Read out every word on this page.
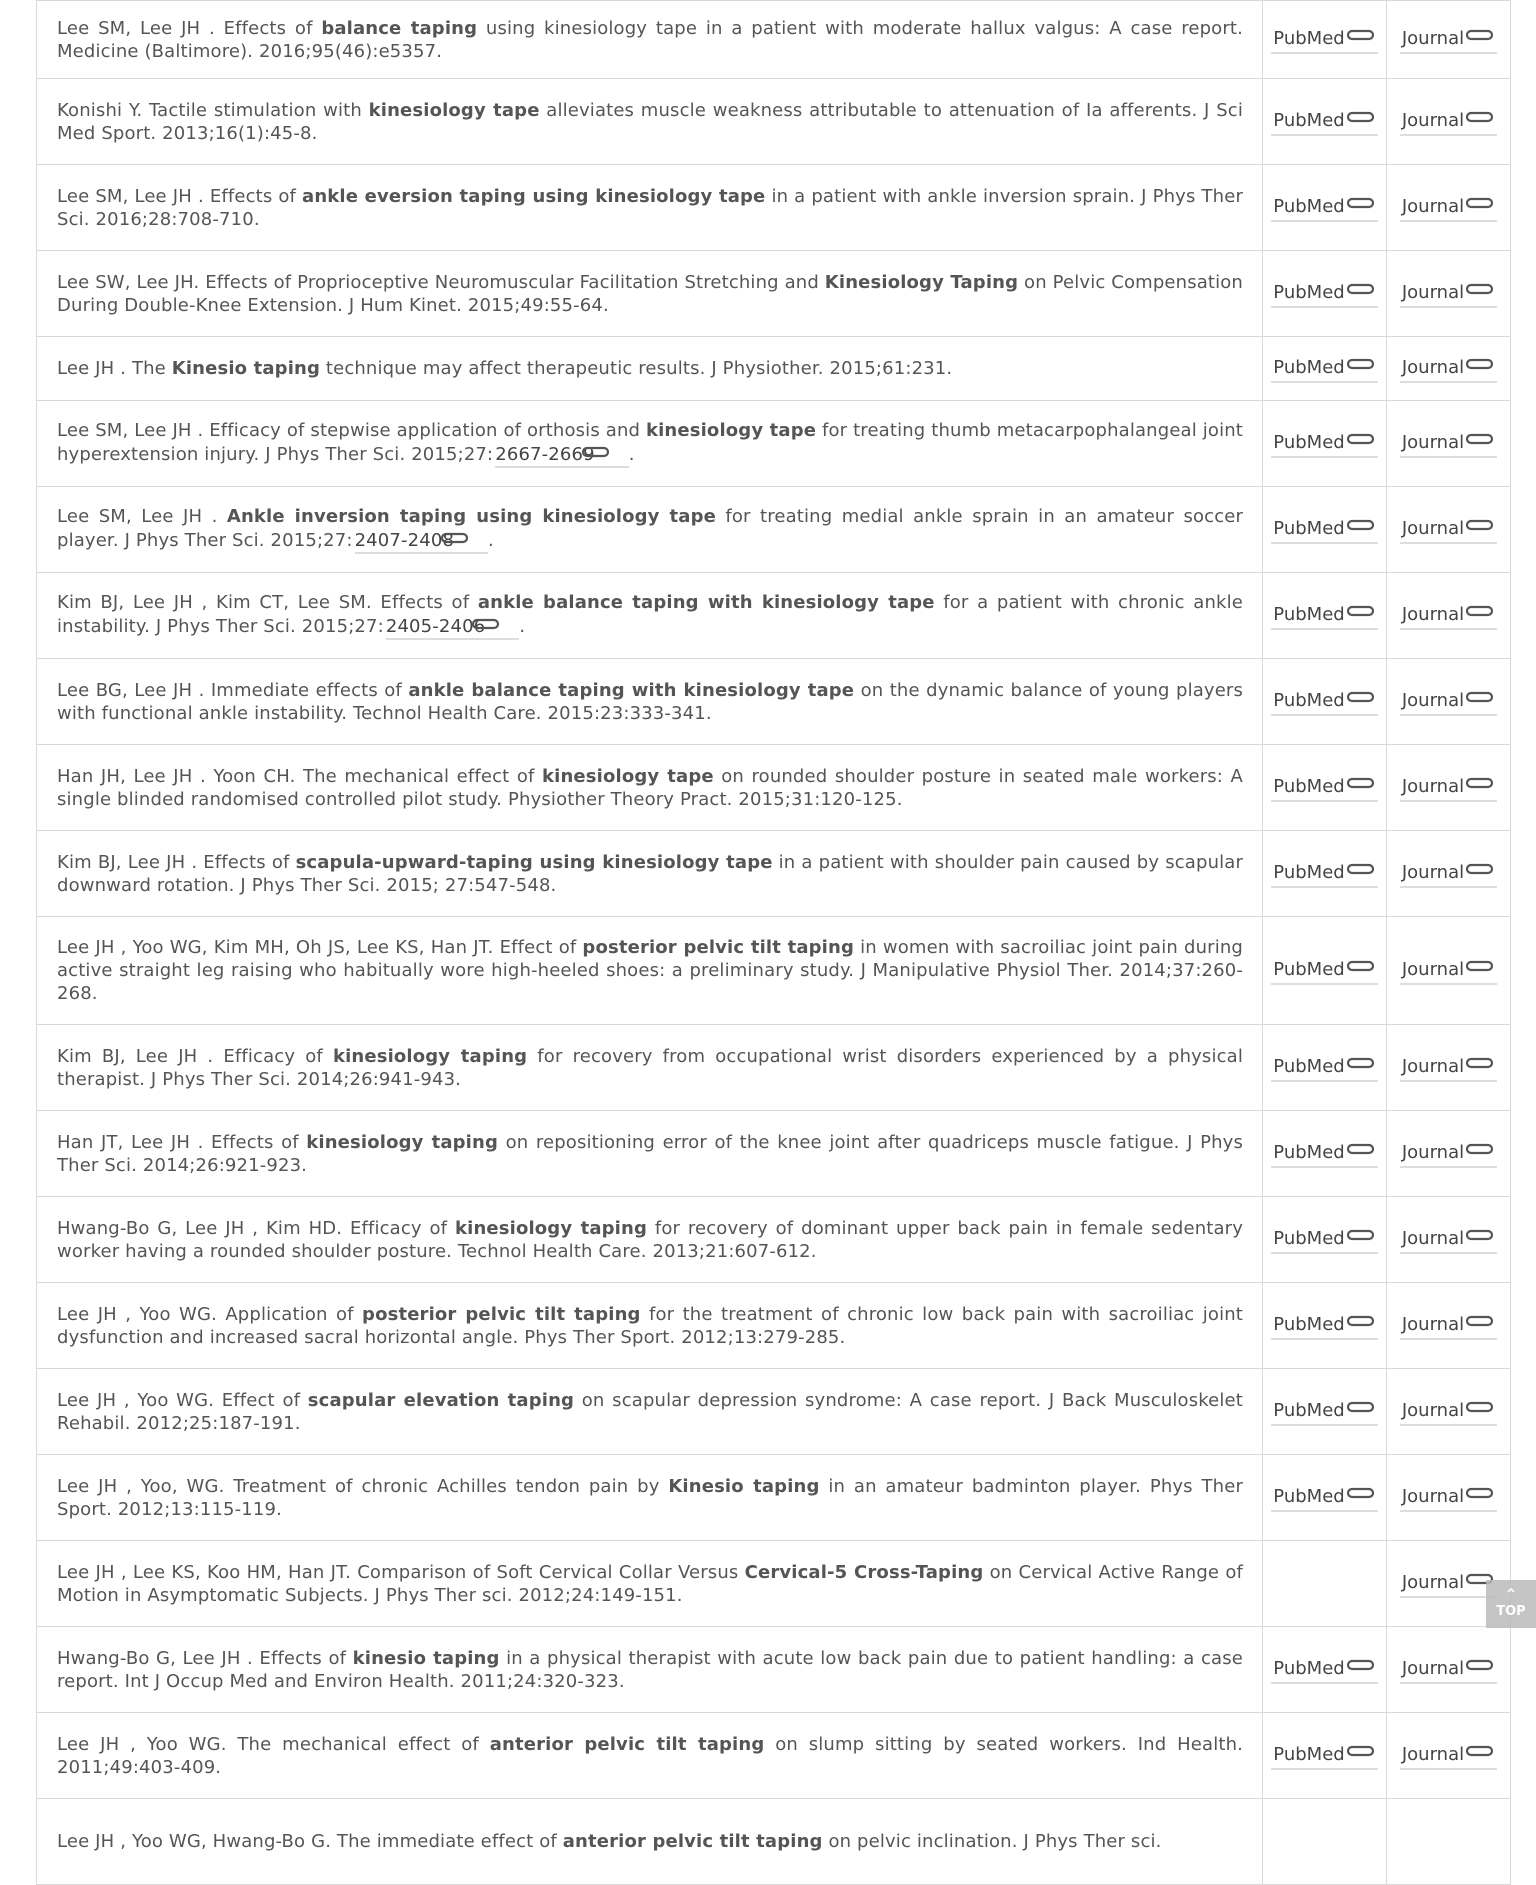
Lee SM, Lee JH . Effects of balance taping using kinesiology tape in a patient with moderate hallux valgus: A case report. Medicine (Baltimore). 2016;95(46):e5357.	PubMed	Journal
Konishi Y. Tactile stimulation with kinesiology tape alleviates muscle weakness attributable to attenuation of Ia afferents. J Sci Med Sport. 2013;16(1):45-8.	PubMed	Journal
Lee SM, Lee JH . Effects of ankle eversion taping using kinesiology tape in a patient with ankle inversion sprain. J Phys Ther Sci. 2016;28:708-710.	PubMed	Journal
Lee SW, Lee JH. Effects of Proprioceptive Neuromuscular Facilitation Stretching and Kinesiology Taping on Pelvic Compensation During Double-Knee Extension. J Hum Kinet. 2015;49:55-64.	PubMed	Journal
Lee JH . The Kinesio taping technique may affect therapeutic results. J Physiother. 2015;61:231.	PubMed	Journal
Lee SM, Lee JH . Efficacy of stepwise application of orthosis and kinesiology tape for treating thumb metacarpophalangeal joint hyperextension injury. J Phys Ther Sci. 2015;27: 2667-2669 .	PubMed	Journal
Lee SM, Lee JH . Ankle inversion taping using kinesiology tape for treating medial ankle sprain in an amateur soccer player. J Phys Ther Sci. 2015;27: 2407-2408 .	PubMed	Journal
Kim BJ, Lee JH , Kim CT, Lee SM. Effects of ankle balance taping with kinesiology tape for a patient with chronic ankle instability. J Phys Ther Sci. 2015;27: 2405-2406 .	PubMed	Journal
Lee BG, Lee JH . Immediate effects of ankle balance taping with kinesiology tape on the dynamic balance of young players with functional ankle instability. Technol Health Care. 2015:23:333-341.	PubMed	Journal
Han JH, Lee JH . Yoon CH. The mechanical effect of kinesiology tape on rounded shoulder posture in seated male workers: A single blinded randomised controlled pilot study. Physiother Theory Pract. 2015;31:120-125.	PubMed	Journal
Kim BJ, Lee JH . Effects of scapula-upward-taping using kinesiology tape in a patient with shoulder pain caused by scapular downward rotation. J Phys Ther Sci. 2015; 27:547-548.	PubMed	Journal
Lee JH , Yoo WG, Kim MH, Oh JS, Lee KS, Han JT. Effect of posterior pelvic tilt taping in women with sacroiliac joint pain during active straight leg raising who habitually wore high-heeled shoes: a preliminary study. J Manipulative Physiol Ther. 2014;37:260-268.	PubMed	Journal
Kim BJ, Lee JH . Efficacy of kinesiology taping for recovery from occupational wrist disorders experienced by a physical therapist. J Phys Ther Sci. 2014;26:941-943.	PubMed	Journal
Han JT, Lee JH . Effects of kinesiology taping on repositioning error of the knee joint after quadriceps muscle fatigue. J Phys Ther Sci. 2014;26:921-923.	PubMed	Journal
Hwang-Bo G, Lee JH , Kim HD. Efficacy of kinesiology taping for recovery of dominant upper back pain in female sedentary worker having a rounded shoulder posture. Technol Health Care. 2013;21:607-612.	PubMed	Journal
Lee JH , Yoo WG. Application of posterior pelvic tilt taping for the treatment of chronic low back pain with sacroiliac joint dysfunction and increased sacral horizontal angle. Phys Ther Sport. 2012;13:279-285.	PubMed	Journal
Lee JH , Yoo WG. Effect of scapular elevation taping on scapular depression syndrome: A case report. J Back Musculoskelet Rehabil. 2012;25:187-191.	PubMed	Journal
Lee JH , Yoo, WG. Treatment of chronic Achilles tendon pain by Kinesio taping in an amateur badminton player. Phys Ther Sport. 2012;13:115-119.	PubMed	Journal
Lee JH , Lee KS, Koo HM, Han JT. Comparison of Soft Cervical Collar Versus Cervical-5 Cross-Taping on Cervical Active Range of Motion in Asymptomatic Subjects. J Phys Ther sci. 2012;24:149-151.		Journal
Hwang-Bo G, Lee JH . Effects of kinesio taping in a physical therapist with acute low back pain due to patient handling: a case report. Int J Occup Med and Environ Health. 2011;24:320-323.	PubMed	Journal
Lee JH , Yoo WG. The mechanical effect of anterior pelvic tilt taping on slump sitting by seated workers. Ind Health. 2011;49:403-409.	PubMed	Journal
Lee JH , Yoo WG, Hwang-Bo G. The immediate effect of anterior pelvic tilt taping on pelvic inclination. J Phys Ther sci.		
⌃
TOP
